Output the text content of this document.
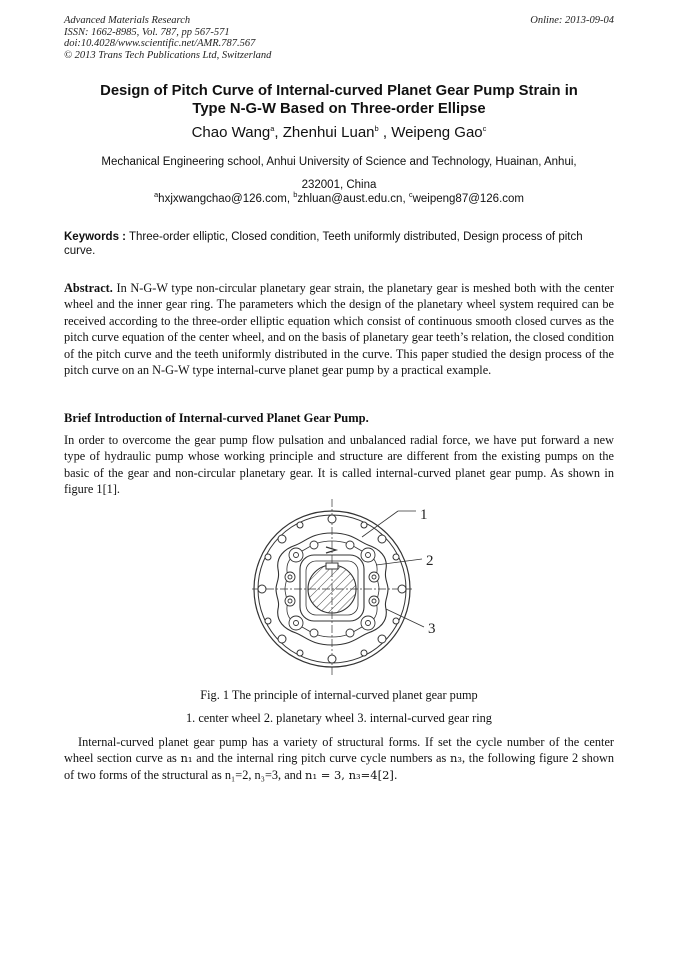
Advanced Materials Research
ISSN: 1662-8985, Vol. 787, pp 567-571
doi:10.4028/www.scientific.net/AMR.787.567
© 2013 Trans Tech Publications Ltd, Switzerland
Online: 2013-09-04
Design of Pitch Curve of Internal-curved Planet Gear Pump Strain in
Type N-G-W Based on Three-order Ellipse
Chao Wang$^a$, Zhenhui Luan$^b$ , Weipeng Gao$^c$
Mechanical Engineering school, Anhui University of Science and Technology, Huainan, Anhui,
232001, China
$^a$hxjxwangchao@126.com, $^b$zhluan@aust.edu.cn, $^c$weipeng87@126.com
Keywords : Three-order elliptic, Closed condition, Teeth uniformly distributed, Design process of pitch curve.
Abstract. In N-G-W type non-circular planetary gear strain, the planetary gear is meshed both with the center wheel and the inner gear ring. The parameters which the design of the planetary wheel system required can be received according to the three-order elliptic equation which consist of continuous smooth closed curves as the pitch curve equation of the center wheel, and on the basis of planetary gear teeth’s relation, the closed condition of the pitch curve and the teeth uniformly distributed in the curve. This paper studied the design process of the pitch curve on an N-G-W type internal-curve planet gear pump by a practical example.
Brief Introduction of Internal-curved Planet Gear Pump.
In order to overcome the gear pump flow pulsation and unbalanced radial force, we have put forward a new type of hydraulic pump whose working principle and structure are different from the existing pumps on the basic of the gear and non-circular planetary gear. It is called internal-curved planet gear pump. As shown in figure 1[1].
1
2
3
Fig. 1 The principle of internal-curved planet gear pump
1. center wheel 2. planetary wheel 3. internal-curved gear ring
Internal-curved planet gear pump has a variety of structural forms. If set the cycle number of the center wheel section curve as n₁ and the internal ring pitch curve cycle numbers as n₃, the following figure 2 shown of two forms of the structural as n₁=2, n₃=3, and n₁ = 3, n₃=4[2].
